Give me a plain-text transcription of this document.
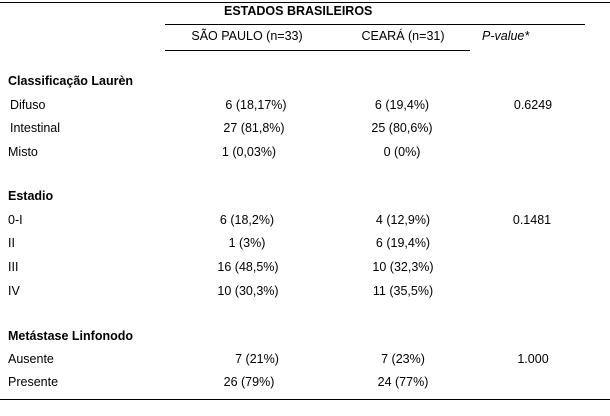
ESTADOS BRASILEIROS
SÃO PAULO (n=33)	CEARÁ (n=31)	P-value*
Classificação Laurèn
Difuso	6 (18,17%)	6 (19,4%)	0.6249
Intestinal	27 (81,8%)	25 (80,6%)
Misto	1 (0,03%)	0 (0%)
Estadio
0-I	6 (18,2%)	4 (12,9%)	0.1481
II	1 (3%)	6 (19,4%)
III	16 (48,5%)	10 (32,3%)
IV	10 (30,3%)	11 (35,5%)
Metástase Linfonodo
Ausente	7 (21%)	7 (23%)	1.000
Presente	26 (79%)	24 (77%)
